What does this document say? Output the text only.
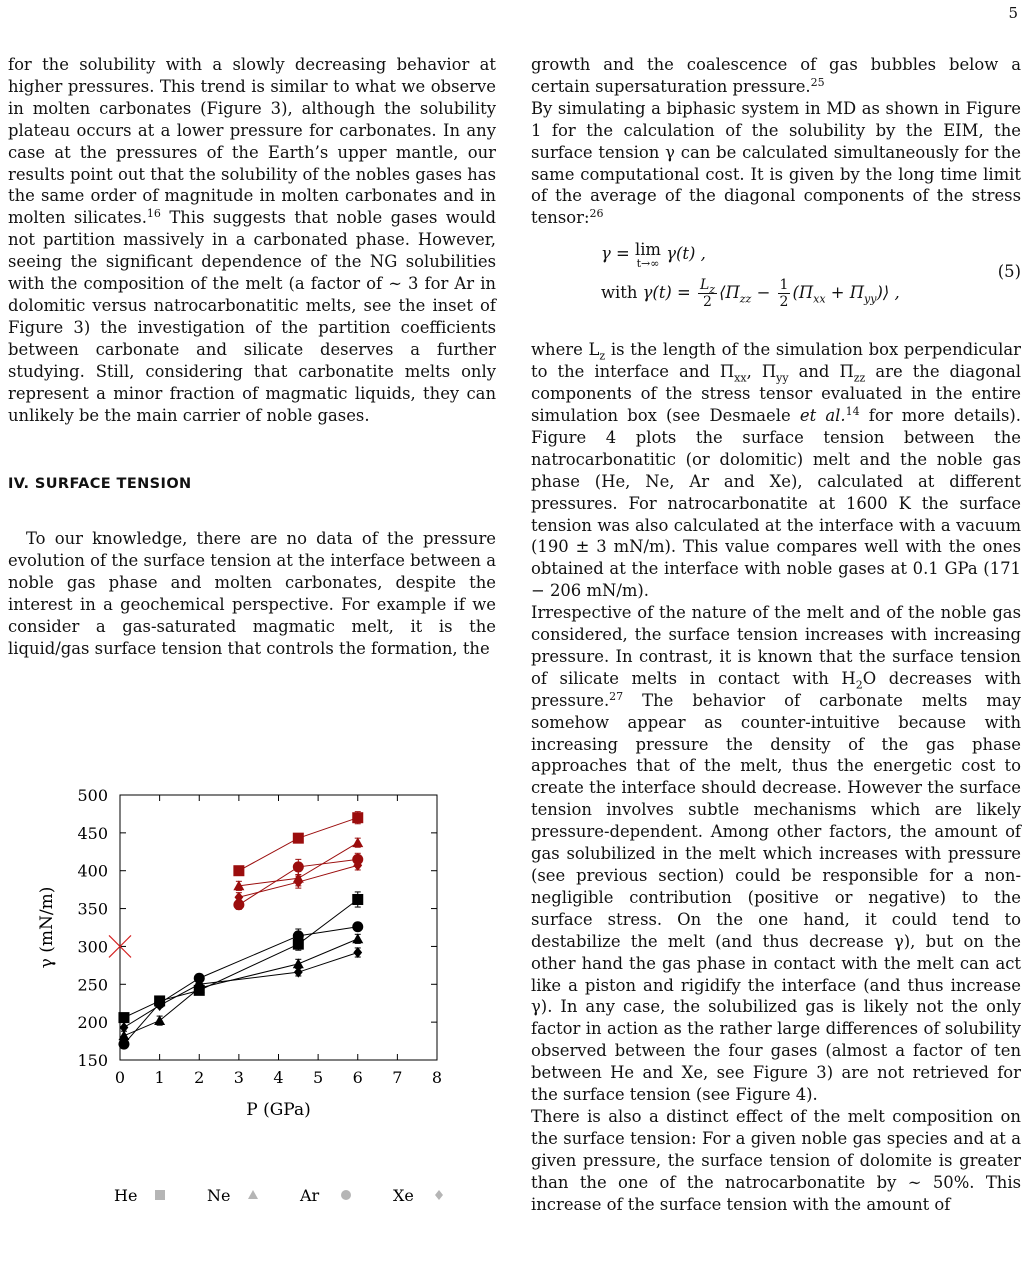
5

for the solubility with a slowly decreasing behavior at higher pressures. This trend is similar to what we observe in molten carbonates (Figure 3), although the solubility plateau occurs at a lower pressure for carbonates. In any case at the pressures of the Earth’s upper mantle, our results point out that the solubility of the nobles gases has the same order of magnitude in molten carbonates and in molten silicates.$^{16}$ This suggests that noble gases would not partition massively in a carbonated phase. However, seeing the significant dependence of the NG solubilities with the composition of the melt (a factor of ∼ 3 for Ar in dolomitic versus natrocarbonatitic melts, see the inset of Figure 3) the investigation of the partition coefficients between carbonate and silicate deserves a further studying. Still, considering that carbonatite melts only represent a minor fraction of magmatic liquids, they can unlikely be the main carrier of noble gases.

IV. SURFACE TENSION

To our knowledge, there are no data of the pressure evolution of the surface tension at the interface between a noble gas phase and molten carbonates, despite the interest in a geochemical perspective. For example if we consider a gas-saturated magmatic melt, it is the liquid/gas surface tension that controls the formation, the

growth and the coalescence of gas bubbles below a certain supersaturation pressure.$^{25}$

By simulating a biphasic system in MD as shown in Figure 1 for the calculation of the solubility by the EIM, the surface tension γ can be calculated simultaneously for the same computational cost. It is given by the long time limit of the average of the diagonal components of the stress tensor:$^{26}$

γ = lim
t→∞
γ(t) ,
with $\gamma(t) = \frac{L_z}{2}$ $⟨\Pi_{zz} - \frac{1}{2} (\Pi_{xx}$ + $\Pi_{yy})⟩$ ,
(5)

where $L_z$ is the length of the simulation box perpendicular to the interface and $\Pi_{xx}$, $\Pi_{yy}$ and $\Pi_{zz}$ are the diagonal components of the stress tensor evaluated in the entire simulation box (see Desmaele et al.$^{14}$ for more details). Figure 4 plots the surface tension between the natrocarbonatitic (or dolomitic) melt and the noble gas phase (He, Ne, Ar and Xe), calculated at different pressures. For natrocarbonatite at 1600 K the surface tension was also calculated at the interface with a vacuum (190 ± 3 mN/m). This value compares well with the ones obtained at the interface with noble gases at 0.1 GPa (171 − 206 mN/m).

Irrespective of the nature of the melt and of the noble gas considered, the surface tension increases with increasing pressure. In contrast, it is known that the surface tension of silicate melts in contact with $H_2O$ decreases with pressure.$^{27}$ The behavior of carbonate melts may somehow appear as counter-intuitive because with increasing pressure the density of the gas phase approaches that of the melt, thus the energetic cost to create the interface should decrease. However the surface tension involves subtle mechanisms which are likely pressure-dependent. Among other factors, the amount of gas solubilized in the melt which increases with pressure (see previous section) could be responsible for a non-negligible contribution (positive or negative) to the surface stress. On the one hand, it could tend to destabilize the melt (and thus decrease γ), but on the other hand the gas phase in contact with the melt can act like a piston and rigidify the interface (and thus increase γ). In any case, the solubilized gas is likely not the only factor in action as the rather large differences of solubility observed between the four gases (almost a factor of ten between He and Xe, see Figure 3) are not retrieved for the surface tension (see Figure 4).

There is also a distinct effect of the melt composition on the surface tension: For a given noble gas species and at a given pressure, the surface tension of dolomite is greater than the one of the natrocarbonatite by ∼ 50%. This increase of the surface tension with the amount of

0 1 2 3 4 5 6 7 8
150
200
250
300
350
400
450
500
P (GPa)
γ (mN/m)
He	Ne	Ar	Xe
